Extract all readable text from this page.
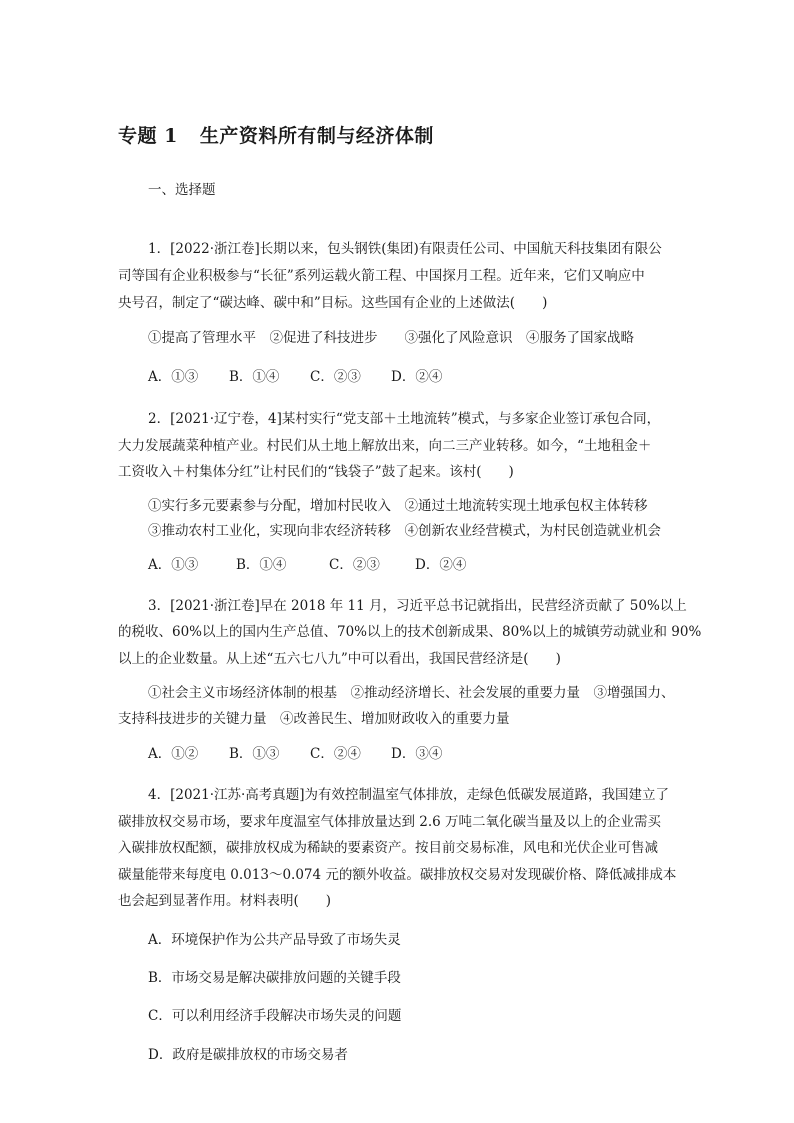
专题 1 生产资料所有制与经济体制
一、选择题
1．[2022·浙江卷]长期以来，包头钢铁(集团)有限责任公司、中国航天科技集团有限公
司等国有企业积极参与“长征”系列运载火箭工程、中国探月工程。近年来，它们又响应中
央号召，制定了“碳达峰、碳中和”目标。这些国有企业的上述做法(　　)
①提高了管理水平　②促进了科技进步　　③强化了风险意识　④服务了国家战略
A．①③ B．①④ C．②③ D．②④
2．[2021·辽宁卷，4]某村实行“党支部＋土地流转”模式，与多家企业签订承包合同，
大力发展蔬菜种植产业。村民们从土地上解放出来，向二三产业转移。如今，“土地租金＋
工资收入＋村集体分红”让村民们的“钱袋子”鼓了起来。该村(　　)
①实行多元要素参与分配，增加村民收入　②通过土地流转实现土地承包权主体转移
③推动农村工业化，实现向非农经济转移　④创新农业经营模式，为村民创造就业机会
A．①③	B．①④	C．②③	D．②④
3．[2021·浙江卷]早在 2018 年 11 月，习近平总书记就指出，民营经济贡献了 50%以上
的税收、60%以上的国内生产总值、70%以上的技术创新成果、80%以上的城镇劳动就业和 90%
以上的企业数量。从上述“五六七八九”中可以看出，我国民营经济是(　　)
①社会主义市场经济体制的根基　②推动经济增长、社会发展的重要力量　③增强国力、
支持科技进步的关键力量　④改善民生、增加财政收入的重要力量
A．①② B．①③ C．②④ D．③④
4．[2021·江苏·高考真题]为有效控制温室气体排放，走绿色低碳发展道路，我国建立了
碳排放权交易市场，要求年度温室气体排放量达到 2.6 万吨二氧化碳当量及以上的企业需买
入碳排放权配额，碳排放权成为稀缺的要素资产。按目前交易标准，风电和光伏企业可售减
碳量能带来每度电 0.013～0.074 元的额外收益。碳排放权交易对发现碳价格、降低减排成本
也会起到显著作用。材料表明(　　)
A．环境保护作为公共产品导致了市场失灵
B．市场交易是解决碳排放问题的关键手段
C．可以利用经济手段解决市场失灵的问题
D．政府是碳排放权的市场交易者
